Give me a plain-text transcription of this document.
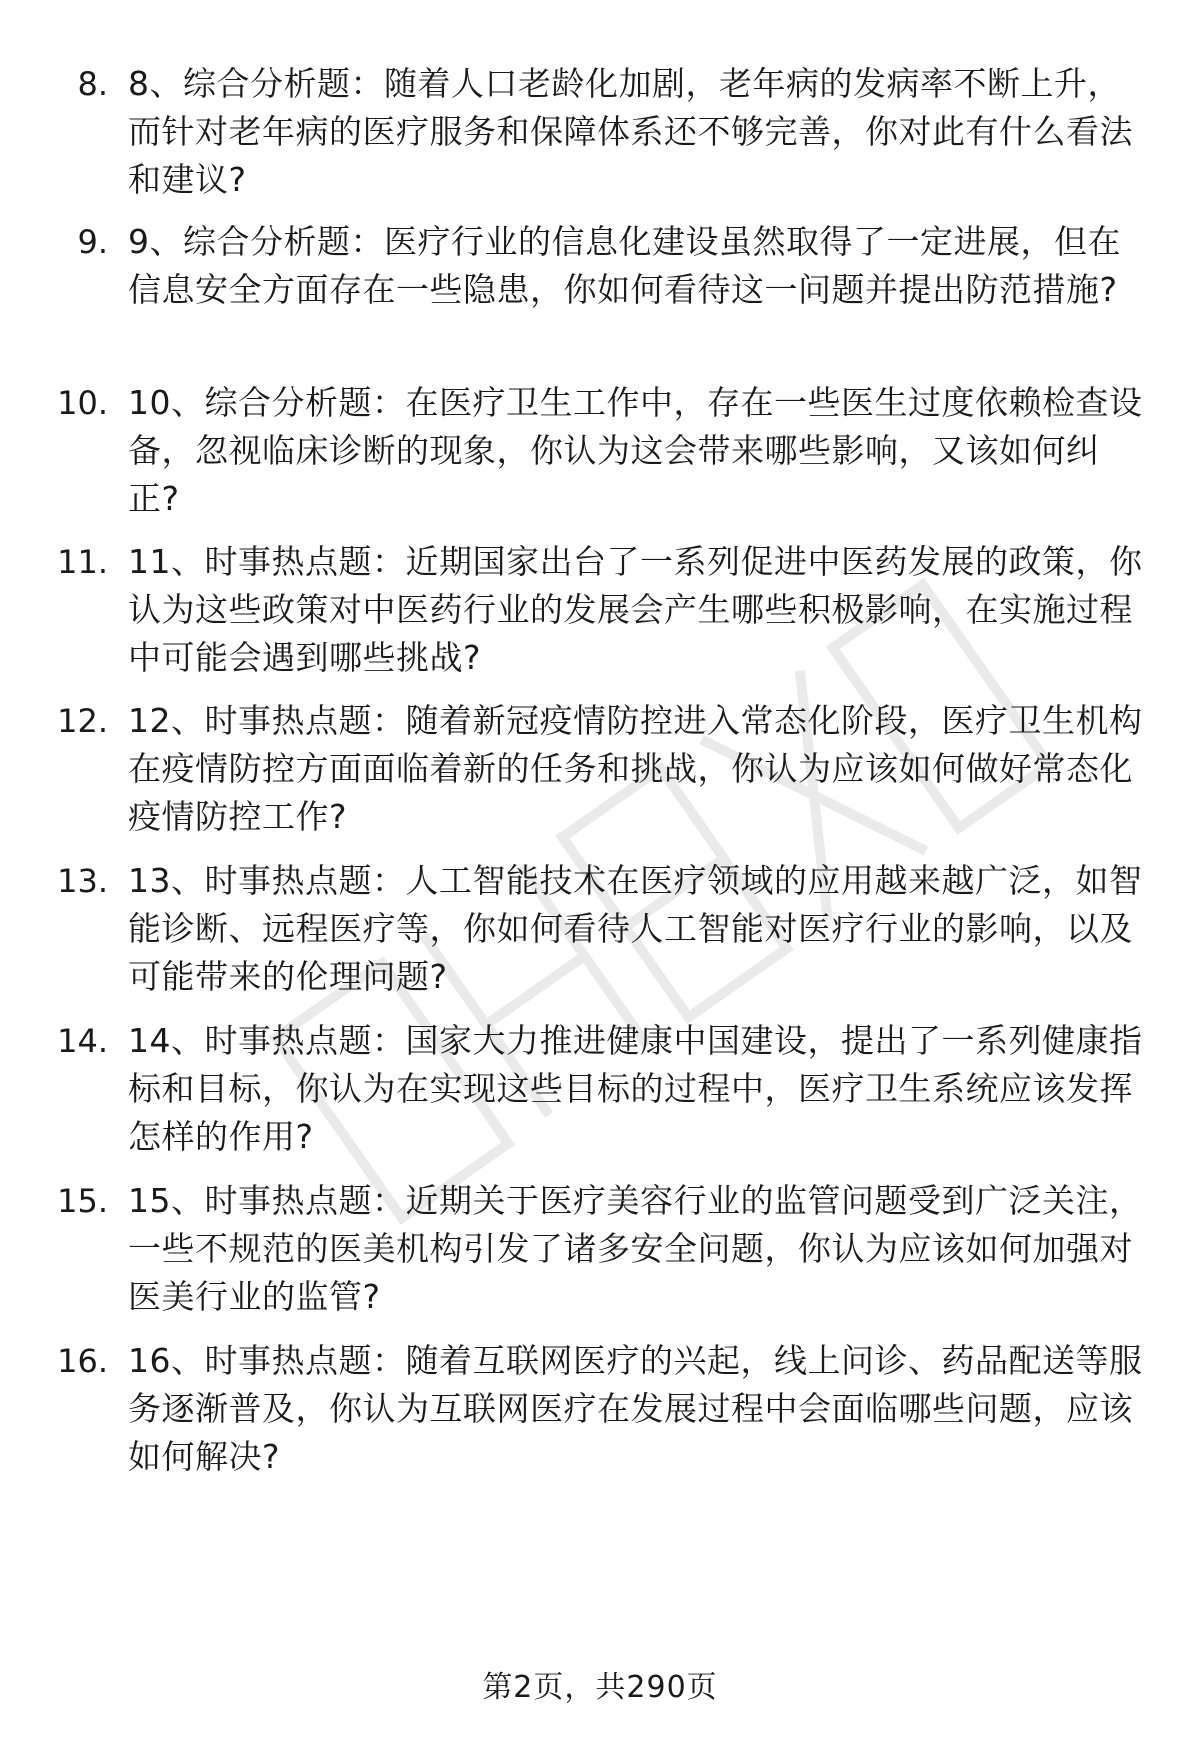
8. 8、综合分析题：随着人口老龄化加剧，老年病的发病率不断上升，而针对老年病的医疗服务和保障体系还不够完善，你对此有什么看法和建议?
9. 9、综合分析题：医疗行业的信息化建设虽然取得了一定进展，但在信息安全方面存在一些隐患，你如何看待这一问题并提出防范措施?
10. 10、综合分析题：在医疗卫生工作中，存在一些医生过度依赖检查设备，忽视临床诊断的现象，你认为这会带来哪些影响，又该如何纠正?
11. 11、时事热点题：近期国家出台了一系列促进中医药发展的政策，你认为这些政策对中医药行业的发展会产生哪些积极影响，在实施过程中可能会遇到哪些挑战?
12. 12、时事热点题：随着新冠疫情防控进入常态化阶段，医疗卫生机构在疫情防控方面面临着新的任务和挑战，你认为应该如何做好常态化疫情防控工作?
13. 13、时事热点题：人工智能技术在医疗领域的应用越来越广泛，如智能诊断、远程医疗等，你如何看待人工智能对医疗行业的影响，以及可能带来的伦理问题?
14. 14、时事热点题：国家大力推进健康中国建设，提出了一系列健康指标和目标，你认为在实现这些目标的过程中，医疗卫生系统应该发挥怎样的作用?
15. 15、时事热点题：近期关于医疗美容行业的监管问题受到广泛关注，一些不规范的医美机构引发了诸多安全问题，你认为应该如何加强对医美行业的监管?
16. 16、时事热点题：随着互联网医疗的兴起，线上问诊、药品配送等服务逐渐普及，你认为互联网医疗在发展过程中会面临哪些问题，应该如何解决?
第2页，共290页
